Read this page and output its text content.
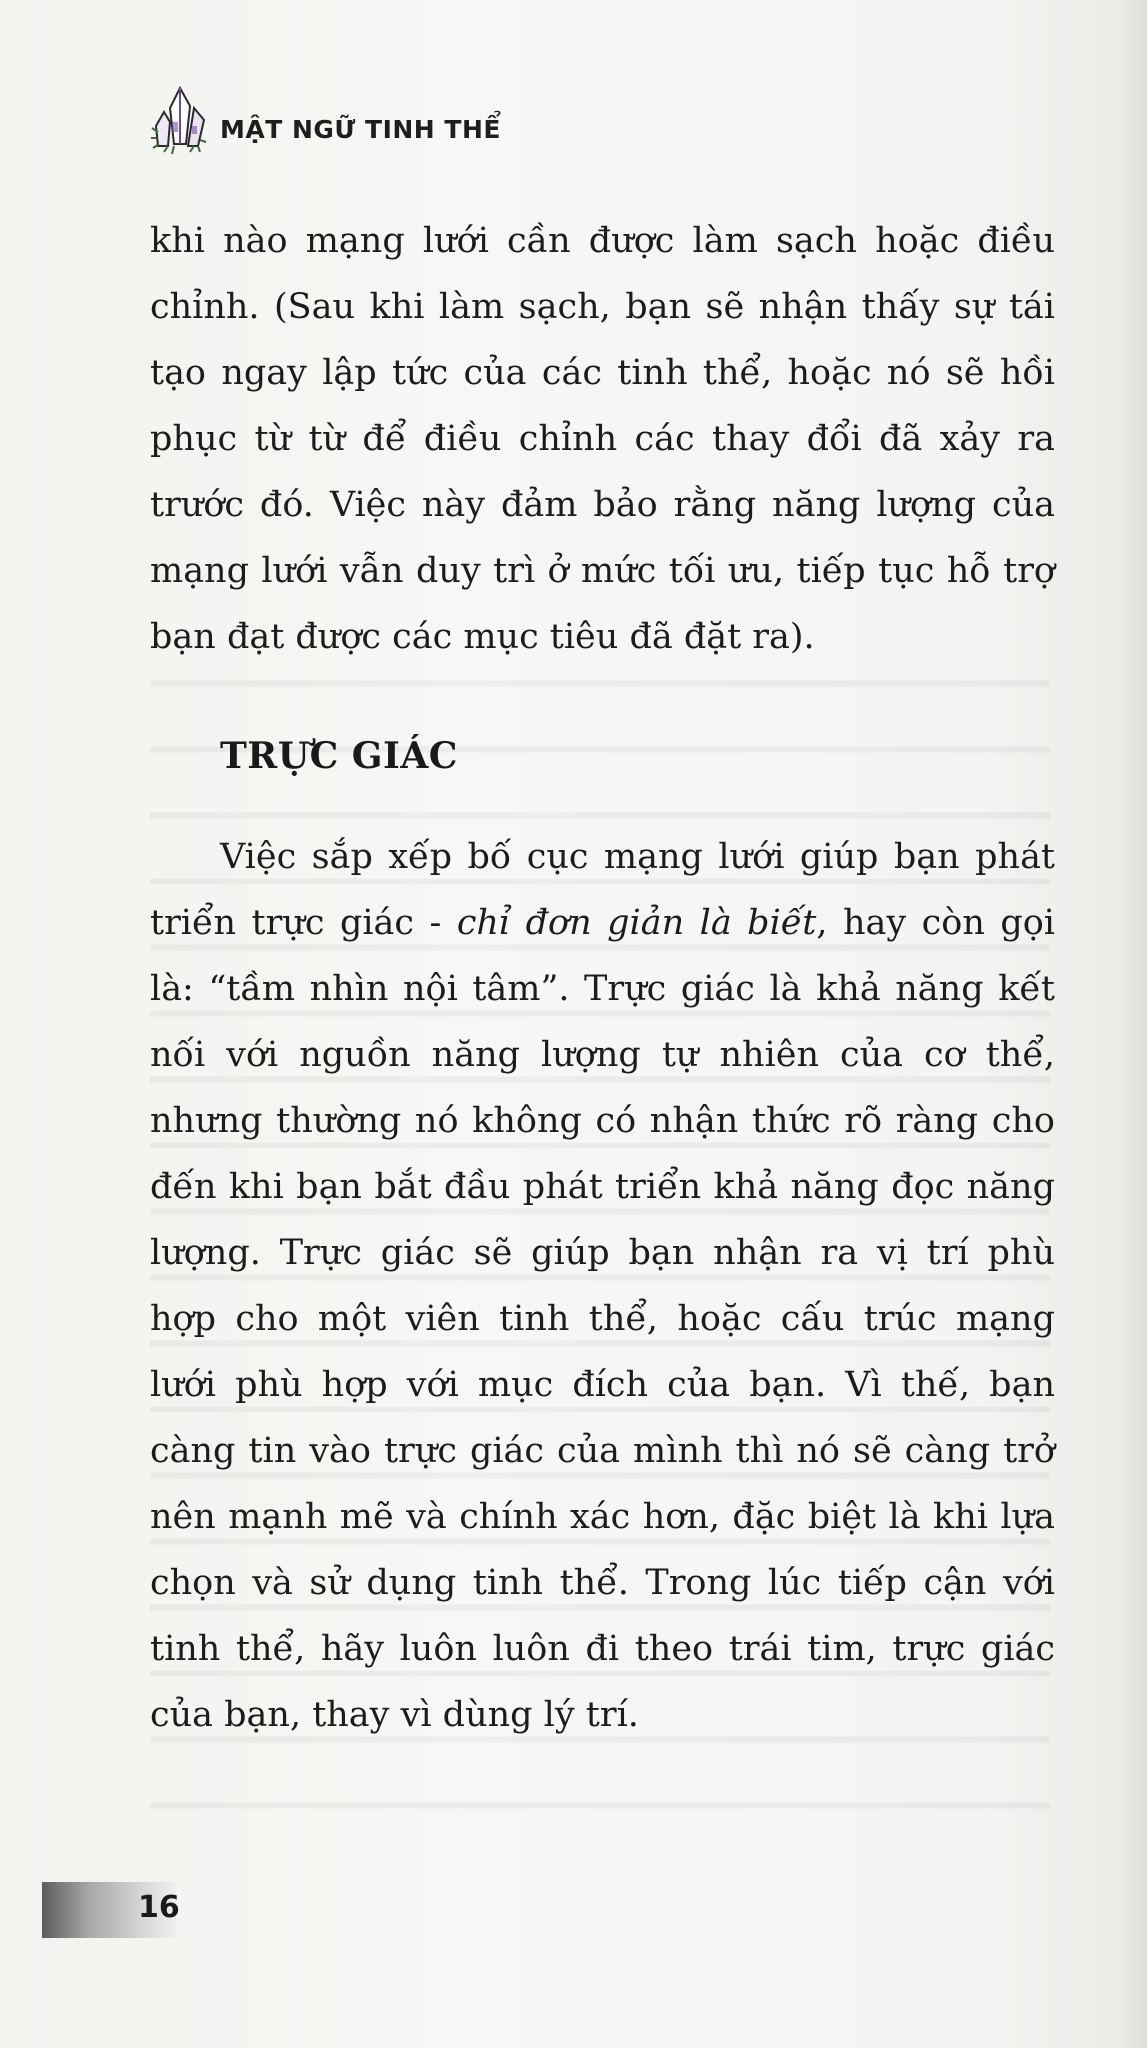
MẬT NGỮ TINH THỂ

khi nào mạng lưới cần được làm sạch hoặc điều chỉnh. (Sau khi làm sạch, bạn sẽ nhận thấy sự tái tạo ngay lập tức của các tinh thể, hoặc nó sẽ hồi phục từ từ để điều chỉnh các thay đổi đã xảy ra trước đó. Việc này đảm bảo rằng năng lượng của mạng lưới vẫn duy trì ở mức tối ưu, tiếp tục hỗ trợ bạn đạt được các mục tiêu đã đặt ra).

TRỰC GIÁC

Việc sắp xếp bố cục mạng lưới giúp bạn phát triển trực giác - chỉ đơn giản là biết, hay còn gọi là: “tầm nhìn nội tâm”. Trực giác là khả năng kết nối với nguồn năng lượng tự nhiên của cơ thể, nhưng thường nó không có nhận thức rõ ràng cho đến khi bạn bắt đầu phát triển khả năng đọc năng lượng. Trực giác sẽ giúp bạn nhận ra vị trí phù hợp cho một viên tinh thể, hoặc cấu trúc mạng lưới phù hợp với mục đích của bạn. Vì thế, bạn càng tin vào trực giác của mình thì nó sẽ càng trở nên mạnh mẽ và chính xác hơn, đặc biệt là khi lựa chọn và sử dụng tinh thể. Trong lúc tiếp cận với tinh thể, hãy luôn luôn đi theo trái tim, trực giác của bạn, thay vì dùng lý trí.

16
